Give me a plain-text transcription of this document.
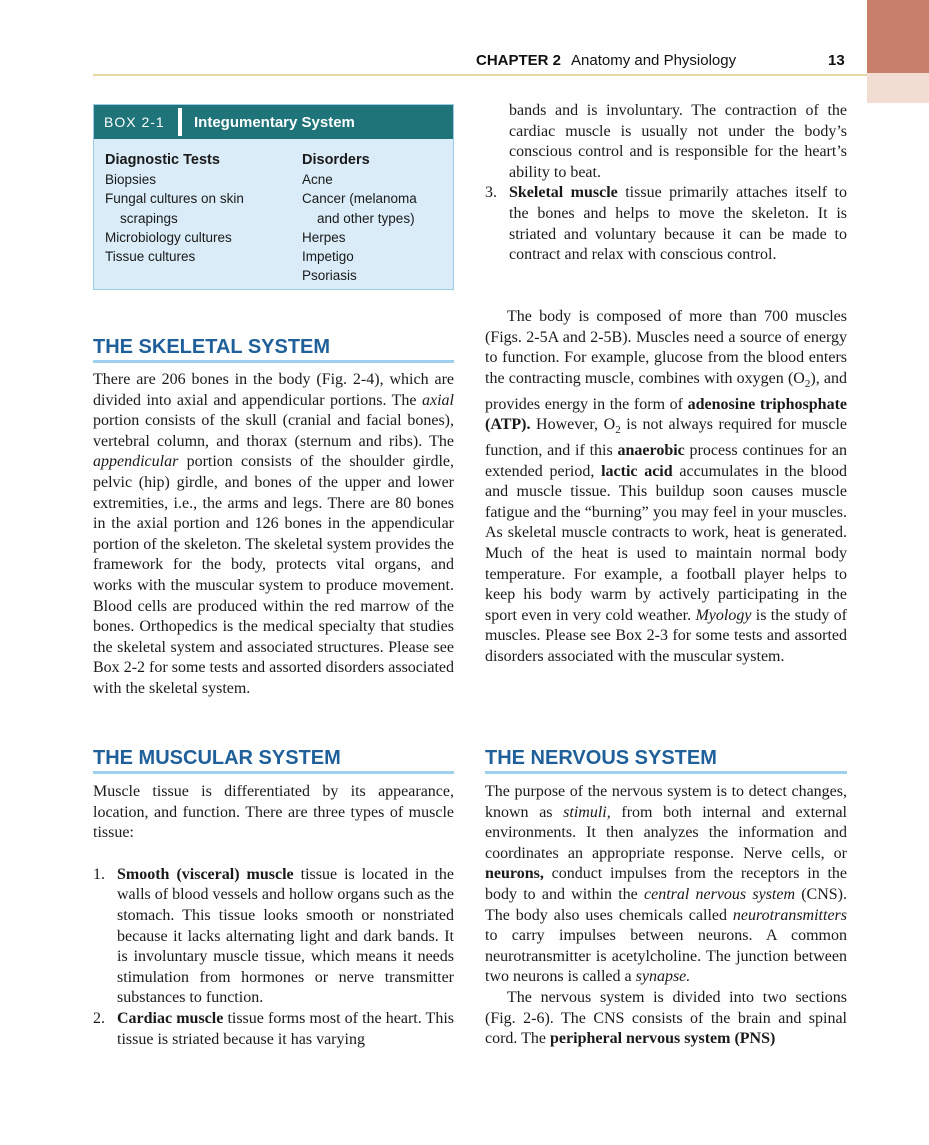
CHAPTER 2 Anatomy and Physiology	13
BOX 2-1 Integumentary System
Diagnostic Tests
Biopsies
Fungal cultures on skin
scrapings
Microbiology cultures
Tissue cultures
Disorders
Acne
Cancer (melanoma
and other types)
Herpes
Impetigo
Psoriasis
THE SKELETAL SYSTEM

There are 206 bones in the body (Fig. 2-4), which are divided into axial and appendicular portions. The axial portion consists of the skull (cranial and facial bones), vertebral column, and thorax (sternum and ribs). The appendicular portion consists of the shoulder girdle, pelvic (hip) girdle, and bones of the upper and lower extremities, i.e., the arms and legs. There are 80 bones in the axial portion and 126 bones in the appendicular portion of the skeleton. The skeletal system provides the framework for the body, protects vital organs, and works with the muscular system to produce movement. Blood cells are produced within the red marrow of the bones. Orthopedics is the medical specialty that studies the skeletal system and associated structures. Please see Box 2-2 for some tests and assorted disorders associated with the skeletal system.

THE MUSCULAR SYSTEM

Muscle tissue is differentiated by its appearance, location, and function. There are three types of muscle tissue:

1. Smooth (visceral) muscle tissue is located in the walls of blood vessels and hollow organs such as the stomach. This tissue looks smooth or nonstriated because it lacks alternating light and dark bands. It is involuntary muscle tissue, which means it needs stimulation from hormones or nerve transmitter substances to function.
2. Cardiac muscle tissue forms most of the heart. This tissue is striated because it has varying
bands and is involuntary. The contraction of the cardiac muscle is usually not under the body’s conscious control and is responsible for the heart’s ability to beat.
3. Skeletal muscle tissue primarily attaches itself to the bones and helps to move the skeleton. It is striated and voluntary because it can be made to contract and relax with conscious control.

The body is composed of more than 700 muscles (Figs. 2-5A and 2-5B). Muscles need a source of energy to function. For example, glucose from the blood enters the contracting muscle, combines with oxygen $(O_2)$, and provides energy in the form of adenosine triphosphate (ATP). However, $O_2$ is not always required for muscle function, and if this anaerobic process continues for an extended period, lactic acid accumulates in the blood and muscle tissue. This buildup soon causes muscle fatigue and the “burning” you may feel in your muscles. As skeletal muscle contracts to work, heat is generated. Much of the heat is used to maintain normal body temperature. For example, a football player helps to keep his body warm by actively participating in the sport even in very cold weather. Myology is the study of muscles. Please see Box 2-3 for some tests and assorted disorders associated with the muscular system.

THE NERVOUS SYSTEM

The purpose of the nervous system is to detect changes, known as stimuli, from both internal and external environments. It then analyzes the information and coordinates an appropriate response. Nerve cells, or neurons, conduct impulses from the receptors in the body to and within the central nervous system (CNS). The body also uses chemicals called neurotransmitters to carry impulses between neurons. A common neurotransmitter is acetylcholine. The junction between two neurons is called a synapse.

The nervous system is divided into two sections (Fig. 2-6). The CNS consists of the brain and spinal cord. The peripheral nervous system (PNS)
